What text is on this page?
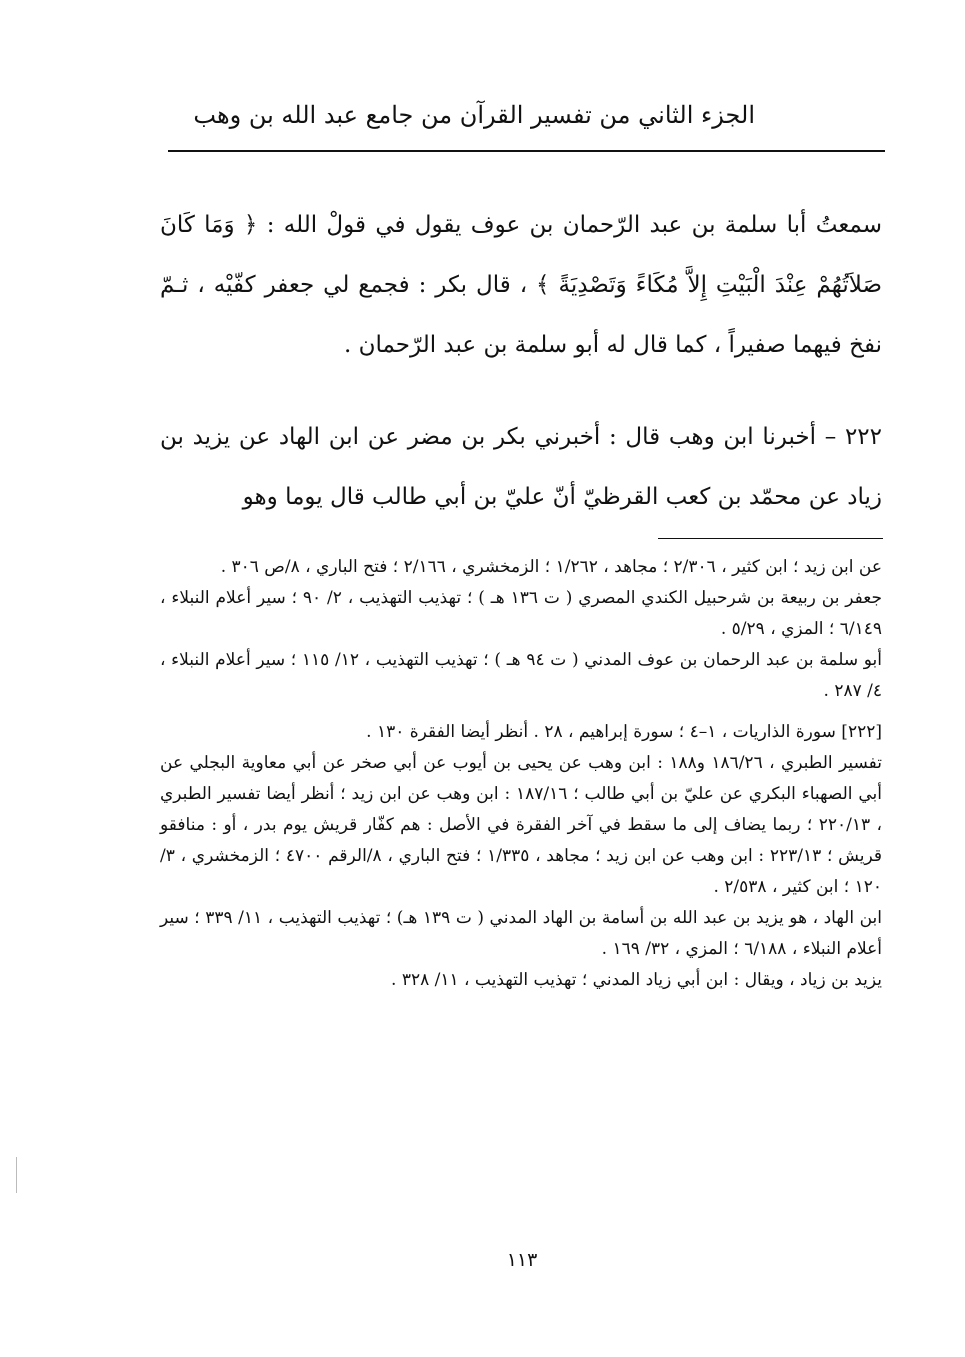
الجزء الثاني من تفسير القرآن من جامع عبد الله بن وهب

سمعتُ أبا سلمة بن عبد الرّحمان بن عوف يقول في قولْ الله : ﴿ وَمَا كَانَ صَلاَتُهُمْ عِنْدَ الْبَيْتِ إِلاَّ مُكَاءً وَتَصْدِيَةً ﴾ ، قال بكر : فجمع لي جعفر كفّيْه ، ثـمّ نفخ فيهما صفيراً ، كما قال له أبو سلمة بن عبد الرّحمان .

٢٢٢ – أخبرنا ابن وهب قال : أخبرني بكر بن مضر عن ابن الهاد عن يزيد بن زياد عن محمّد بن كعب القرظيّ أنّ عليّ بن أبي طالب قال يوما وهو

عن ابن زيد ؛ ابن كثير ، ٢/٣٠٦ ؛ مجاهد ، ١/٢٦٢ ؛ الزمخشري ، ٢/١٦٦ ؛ فتح الباري ، ٨/ص ٣٠٦ .

جعفر بن ربيعة بن شرحبيل الكندي المصري ( ت ١٣٦ هـ ) ؛ تهذيب التهذيب ، ٢/ ٩٠ ؛ سير أعلام النبلاء ، ٦/١٤٩ ؛ المزي ، ٥/٢٩ .

أبو سلمة بن عبد الرحمان بن عوف المدني ( ت ٩٤ هـ ) ؛ تهذيب التهذيب ، ١٢/ ١١٥ ؛ سير أعلام النبلاء ، ٤/ ٢٨٧ .

[٢٢٢] سورة الذاريات ، ١–٤ ؛ سورة إبراهيم ، ٢٨ . أنظر أيضا الفقرة ١٣٠ .

تفسير الطبري ، ١٨٦/٢٦ و١٨٨ : ابن وهب عن يحيى بن أيوب عن أبي صخر عن أبي معاوية البجلي عن أبي الصهباء البكري عن عليّ بن أبي طالب ؛ ١٨٧/١٦ : ابن وهب عن ابن زيد ؛ أنظر أيضا تفسير الطبري ، ٢٢٠/١٣ ؛ ربما يضاف إلى ما سقط في آخر الفقرة في الأصل : هم كفّار قريش يوم بدر ، أو : منافقو قريش ؛ ٢٢٣/١٣ : ابن وهب عن ابن زيد ؛ مجاهد ، ١/٣٣٥ ؛ فتح الباري ، ٨/الرقم ٤٧٠٠ ؛ الزمخشري ، ٣/ ١٢٠ ؛ ابن كثير ، ٢/٥٣٨ .

ابن الهاد ، هو يزيد بن عبد الله بن أسامة بن الهاد المدني ( ت ١٣٩ هـ) ؛ تهذيب التهذيب ، ١١/ ٣٣٩ ؛ سير أعلام النبلاء ، ٦/١٨٨ ؛ المزي ، ٣٢/ ١٦٩ .

يزيد بن زياد ، ويقال : ابن أبي زياد المدني ؛ تهذيب التهذيب ، ١١/ ٣٢٨ .

١١٣
